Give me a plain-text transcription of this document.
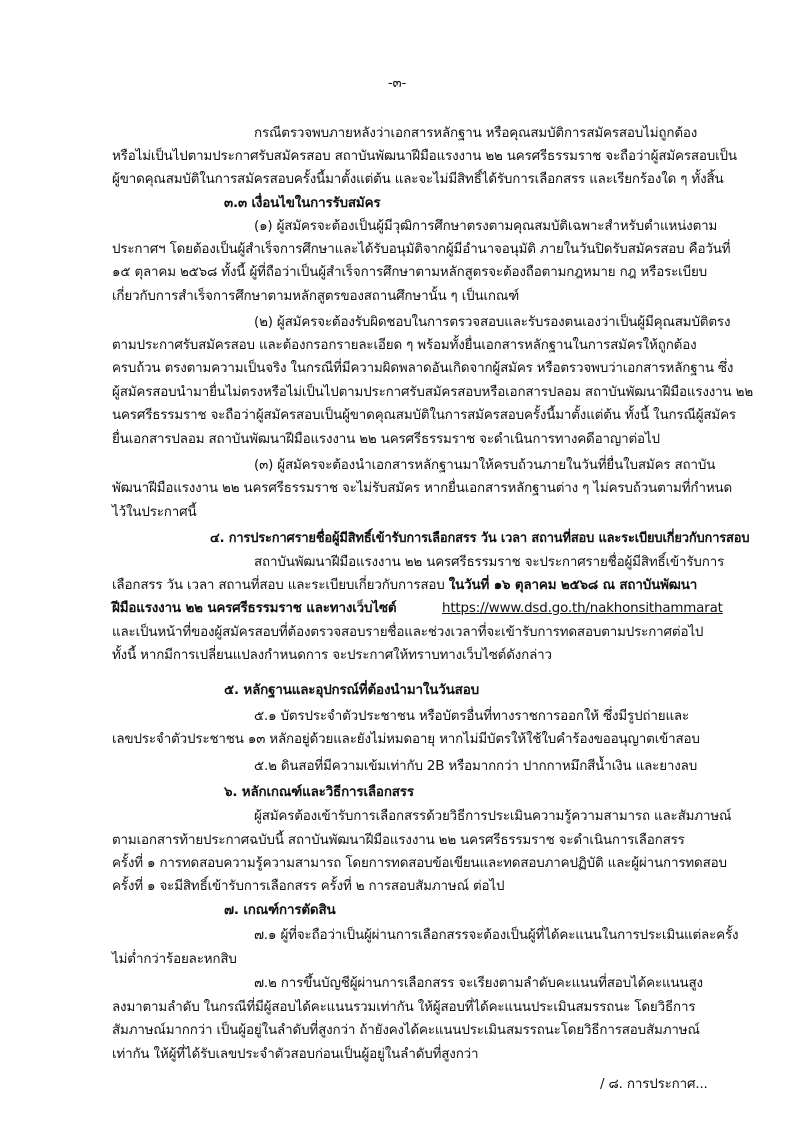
-๓-
กรณีตรวจพบภายหลังว่าเอกสารหลักฐาน หรือคุณสมบัติการสมัครสอบไม่ถูกต้อง
หรือไม่เป็นไปตามประกาศรับสมัครสอบ สถาบันพัฒนาฝีมือแรงงาน ๒๒ นครศรีธรรมราช จะถือว่าผู้สมัครสอบเป็น
ผู้ขาดคุณสมบัติในการสมัครสอบครั้งนี้มาตั้งแต่ต้น และจะไม่มีสิทธิ์ได้รับการเลือกสรร และเรียกร้องใด ๆ ทั้งสิ้น
๓.๓ เงื่อนไขในการรับสมัคร
(๑) ผู้สมัครจะต้องเป็นผู้มีวุฒิการศึกษาตรงตามคุณสมบัติเฉพาะสำหรับตำแหน่งตาม
ประกาศฯ โดยต้องเป็นผู้สำเร็จการศึกษาและได้รับอนุมัติจากผู้มีอำนาจอนุมัติ ภายในวันปิดรับสมัครสอบ คือวันที่
๑๕ ตุลาคม ๒๕๖๘ ทั้งนี้ ผู้ที่ถือว่าเป็นผู้สำเร็จการศึกษาตามหลักสูตรจะต้องถือตามกฎหมาย กฎ หรือระเบียบ
เกี่ยวกับการสำเร็จการศึกษาตามหลักสูตรของสถานศึกษานั้น ๆ เป็นเกณฑ์
(๒) ผู้สมัครจะต้องรับผิดชอบในการตรวจสอบและรับรองตนเองว่าเป็นผู้มีคุณสมบัติตรง
ตามประกาศรับสมัครสอบ และต้องกรอกรายละเอียด ๆ พร้อมทั้งยื่นเอกสารหลักฐานในการสมัครให้ถูกต้อง
ครบถ้วน ตรงตามความเป็นจริง ในกรณีที่มีความผิดพลาดอันเกิดจากผู้สมัคร หรือตรวจพบว่าเอกสารหลักฐาน ซึ่ง
ผู้สมัครสอบนำมายื่นไม่ตรงหรือไม่เป็นไปตามประกาศรับสมัครสอบหรือเอกสารปลอม สถาบันพัฒนาฝีมือแรงงาน ๒๒
นครศรีธรรมราช จะถือว่าผู้สมัครสอบเป็นผู้ขาดคุณสมบัติในการสมัครสอบครั้งนี้มาตั้งแต่ต้น ทั้งนี้ ในกรณีผู้สมัคร
ยื่นเอกสารปลอม สถาบันพัฒนาฝีมือแรงงาน ๒๒ นครศรีธรรมราช จะดำเนินการทางคดีอาญาต่อไป
(๓) ผู้สมัครจะต้องนำเอกสารหลักฐานมาให้ครบถ้วนภายในวันที่ยื่นใบสมัคร สถาบัน
พัฒนาฝีมือแรงงาน ๒๒ นครศรีธรรมราช จะไม่รับสมัคร หากยื่นเอกสารหลักฐานต่าง ๆ ไม่ครบถ้วนตามที่กำหนด
ไว้ในประกาศนี้
๔. การประกาศรายชื่อผู้มีสิทธิ์เข้ารับการเลือกสรร วัน เวลา สถานที่สอบ และระเบียบเกี่ยวกับการสอบ
สถาบันพัฒนาฝีมือแรงงาน ๒๒ นครศรีธรรมราช จะประกาศรายชื่อผู้มีสิทธิ์เข้ารับการ
เลือกสรร วัน เวลา สถานที่สอบ และระเบียบเกี่ยวกับการสอบ ในวันที่ ๑๖ ตุลาคม ๒๕๖๘ ณ สถาบันพัฒนา
ฝีมือแรงงาน ๒๒ นครศรีธรรมราช และทางเว็บไซต์	https://www.dsd.go.th/nakhonsithammarat
และเป็นหน้าที่ของผู้สมัครสอบที่ต้องตรวจสอบรายชื่อและช่วงเวลาที่จะเข้ารับการทดสอบตามประกาศต่อไป
ทั้งนี้ หากมีการเปลี่ยนแปลงกำหนดการ จะประกาศให้ทราบทางเว็บไซต์ดังกล่าว
๕. หลักฐานและอุปกรณ์ที่ต้องนำมาในวันสอบ
๕.๑ บัตรประจำตัวประชาชน หรือบัตรอื่นที่ทางราชการออกให้ ซึ่งมีรูปถ่ายและ
เลขประจำตัวประชาชน ๑๓ หลักอยู่ด้วยและยังไม่หมดอายุ หากไม่มีบัตรให้ใช้ใบคำร้องขออนุญาตเข้าสอบ
๕.๒ ดินสอที่มีความเข้มเท่ากับ 2B หรือมากกว่า ปากกาหมึกสีน้ำเงิน และยางลบ
๖. หลักเกณฑ์และวิธีการเลือกสรร
ผู้สมัครต้องเข้ารับการเลือกสรรด้วยวิธีการประเมินความรู้ความสามารถ และสัมภาษณ์
ตามเอกสารท้ายประกาศฉบับนี้ สถาบันพัฒนาฝีมือแรงงาน ๒๒ นครศรีธรรมราช จะดำเนินการเลือกสรร
ครั้งที่ ๑ การทดสอบความรู้ความสามารถ โดยการทดสอบข้อเขียนและทดสอบภาคปฏิบัติ และผู้ผ่านการทดสอบ
ครั้งที่ ๑ จะมีสิทธิ์เข้ารับการเลือกสรร ครั้งที่ ๒ การสอบสัมภาษณ์ ต่อไป
๗. เกณฑ์การตัดสิน
๗.๑ ผู้ที่จะถือว่าเป็นผู้ผ่านการเลือกสรรจะต้องเป็นผู้ที่ได้คะแนนในการประเมินแต่ละครั้ง
ไม่ต่ำกว่าร้อยละหกสิบ
๗.๒ การขึ้นบัญชีผู้ผ่านการเลือกสรร จะเรียงตามลำดับคะแนนที่สอบได้คะแนนสูง
ลงมาตามลำดับ ในกรณีที่มีผู้สอบได้คะแนนรวมเท่ากัน ให้ผู้สอบที่ได้คะแนนประเมินสมรรถนะ โดยวิธีการ
สัมภาษณ์มากกว่า เป็นผู้อยู่ในลำดับที่สูงกว่า ถ้ายังคงได้คะแนนประเมินสมรรถนะโดยวิธีการสอบสัมภาษณ์
เท่ากัน ให้ผู้ที่ได้รับเลขประจำตัวสอบก่อนเป็นผู้อยู่ในลำดับที่สูงกว่า
/ ๘. การประกาศ...
